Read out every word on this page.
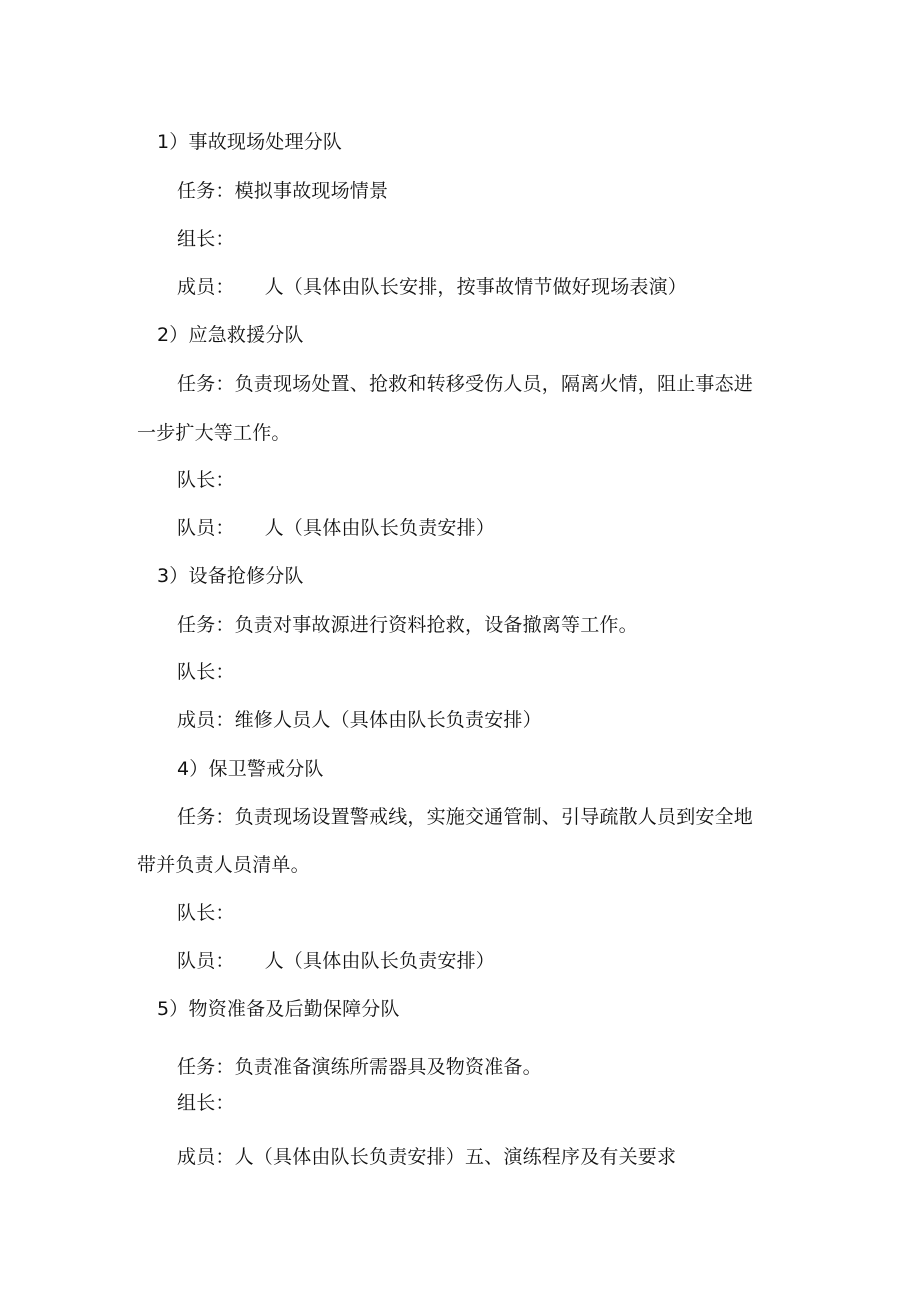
1）事故现场处理分队
任务：模拟事故现场情景
组长：
成员： 人（具体由队长安排，按事故情节做好现场表演）
2）应急救援分队
任务：负责现场处置、抢救和转移受伤人员，隔离火情，阻止事态进
一步扩大等工作。
队长：
队员： 人（具体由队长负责安排）
3）设备抢修分队
任务：负责对事故源进行资料抢救，设备撤离等工作。
队长：
成员：维修人员人（具体由队长负责安排）
4）保卫警戒分队
任务：负责现场设置警戒线，实施交通管制、引导疏散人员到安全地
带并负责人员清单。
队长：
队员： 人（具体由队长负责安排）
5）物资准备及后勤保障分队
任务：负责准备演练所需器具及物资准备。
组长：
成员：人（具体由队长负责安排）五、演练程序及有关要求
